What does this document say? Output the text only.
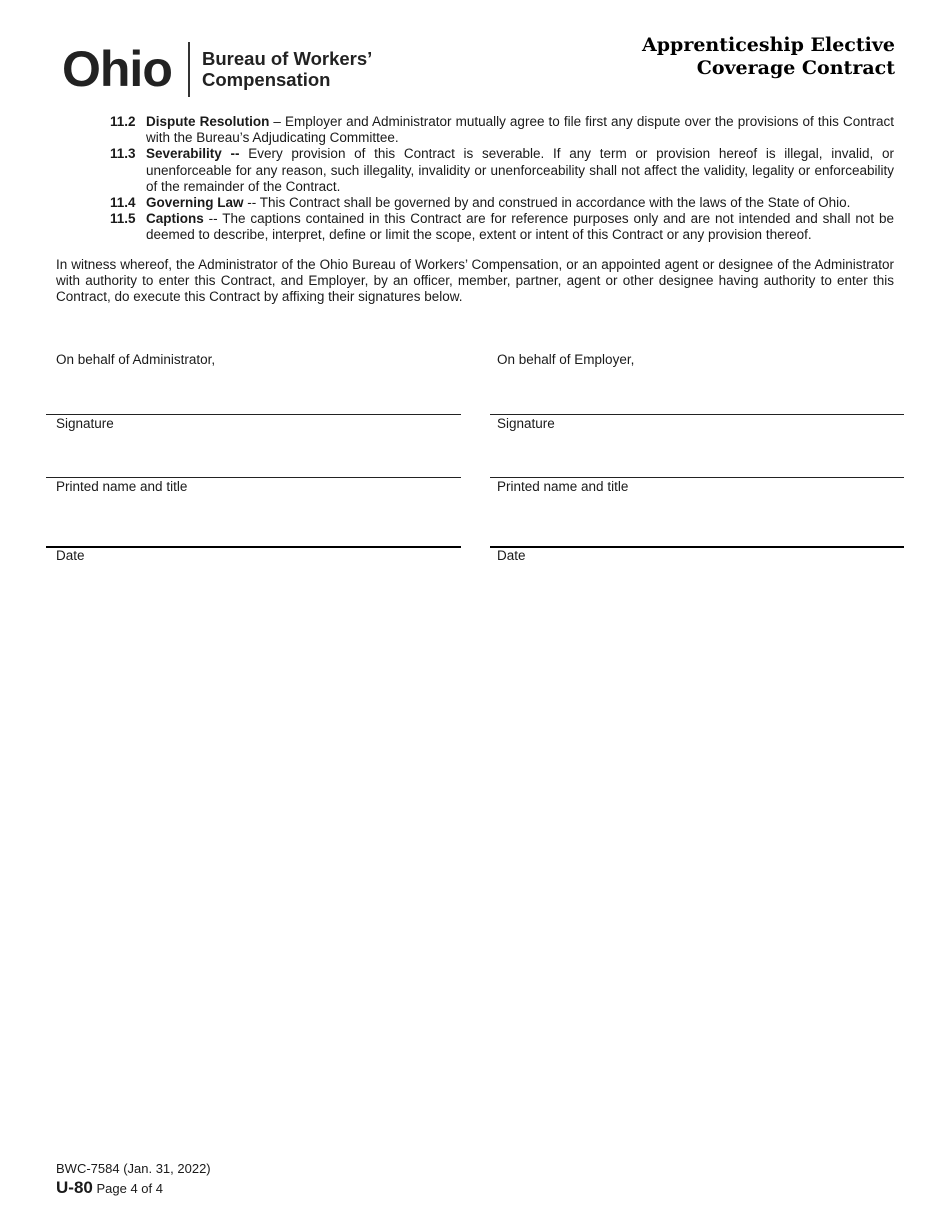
Ohio Bureau of Workers’
Compensation
Apprenticeship Elective
Coverage Contract
11.2 Dispute Resolution – Employer and Administrator mutually agree to file first any dispute over the provisions of this Contract with the Bureau’s Adjudicating Committee.
11.3 Severability -- Every provision of this Contract is severable. If any term or provision hereof is illegal, invalid, or unenforceable for any reason, such illegality, invalidity or unenforceability shall not affect the validity, legality or enforceability of the remainder of the Contract.
11.4 Governing Law -- This Contract shall be governed by and construed in accordance with the laws of the State of Ohio.
11.5 Captions -- The captions contained in this Contract are for reference purposes only and are not intended and shall not be deemed to describe, interpret, define or limit the scope, extent or intent of this Contract or any provision thereof.
In witness whereof, the Administrator of the Ohio Bureau of Workers’ Compensation, or an appointed agent or designee of the Administrator with authority to enter this Contract, and Employer, by an officer, member, partner, agent or other designee having authority to enter this Contract, do execute this Contract by affixing their signatures below.
On behalf of Administrator,
Signature
Printed name and title
Date
On behalf of Employer,
Signature
Printed name and title
Date
BWC-7584 (Jan. 31, 2022)
U-80 Page 4 of 4
